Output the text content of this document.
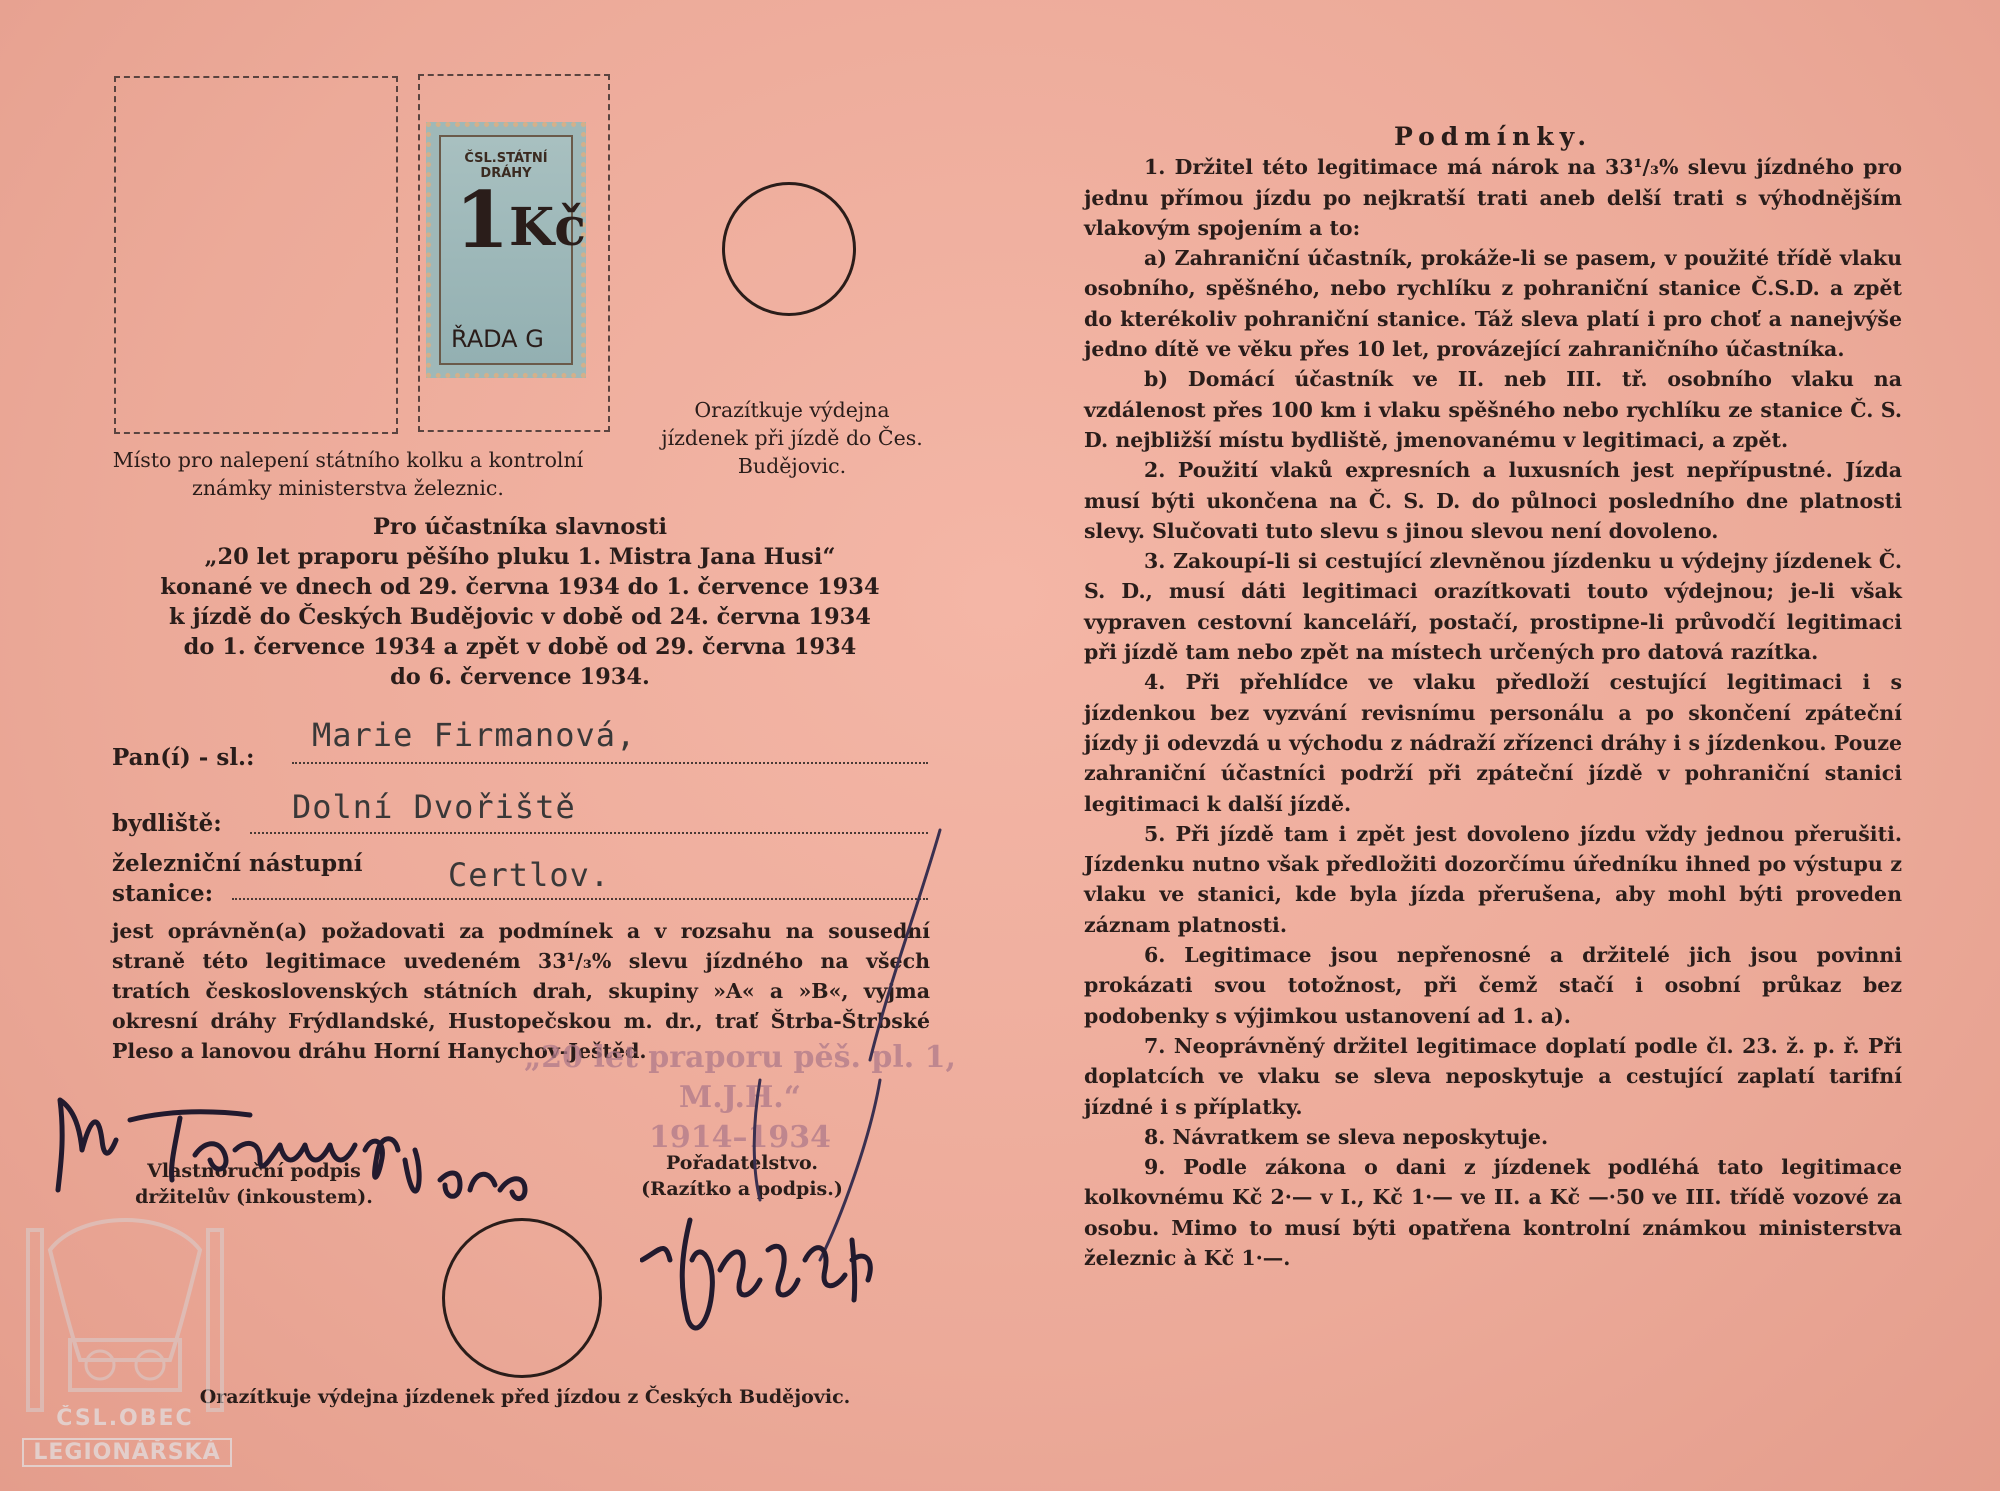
ČSL.STÁTNÍ DRÁHY
1 Kč
ŘADA G
Místo pro nalepení státního kolku a kontrolní známky ministerstva železnic.
Orazítkuje výdejna jízdenek při jízdě do Čes. Budějovic.
Pro účastníka slavnosti
„20 let praporu pěšího pluku 1. Mistra Jana Husi“
konané ve dnech od 29. června 1934 do 1. července 1934
k jízdě do Českých Budějovic v době od 24. června 1934
do 1. července 1934 a zpět v době od 29. června 1934
do 6. července 1934.
Pan(í) - sl.:
Marie Firmanová,
bydliště: Dolní Dvořiště
železniční nástupní
stanice:	Certlov.
jest oprávněn(a) požadovati za podmínek a v rozsahu na sousední straně této legitimace uvedeném 33¹/₃% slevu jízdného na všech tratích československých státních drah, skupiny »A« a »B«, vyjma okresní dráhy Frýdlandské, Hustopečskou m. dr., trať Štrba-Štrbské Pleso a lanovou dráhu Horní Hanychov-Ještěd.
„20 let praporu pěš. pl. 1, M.J.H.“
1914–1934
Vlastnoruční podpis držitelův (inkoustem).
Pořadatelstvo. (Razítko a podpis.)
Orazítkuje výdejna jízdenek před jízdou z Českých Budějovic.
ČSL.OBEC
LEGIONÁŘSKÁ
Podmínky.

1. Držitel této legitimace má nárok na 33¹/₃% slevu jízdného pro jednu přímou jízdu po nejkratší trati aneb delší trati s výhodnějším vlakovým spojením a to:

a) Zahraniční účastník, prokáže-li se pasem, v použité třídě vlaku osobního, spěšného, nebo rychlíku z pohraniční stanice Č.S.D. a zpět do kterékoliv pohraniční stanice. Táž sleva platí i pro choť a nanejvýše jedno dítě ve věku přes 10 let, provázející zahraničního účastníka.

b) Domácí účastník ve II. neb III. tř. osobního vlaku na vzdálenost přes 100 km i vlaku spěšného nebo rychlíku ze stanice Č. S. D. nejbližší místu bydliště, jmenovanému v legitimaci, a zpět.

2. Použití vlaků expresních a luxusních jest nepřípustné. Jízda musí býti ukončena na Č. S. D. do půlnoci posledního dne platnosti slevy. Slučovati tuto slevu s jinou slevou není dovoleno.

3. Zakoupí-li si cestující zlevněnou jízdenku u výdejny jízdenek Č. S. D., musí dáti legitimaci orazítkovati touto výdejnou; je-li však vypraven cestovní kanceláří, postačí, prostipne-li průvodčí legitimaci při jízdě tam nebo zpět na místech určených pro datová razítka.

4. Při přehlídce ve vlaku předloží cestující legitimaci i s jízdenkou bez vyzvání revisnímu personálu a po skončení zpáteční jízdy ji odevzdá u východu z nádraží zřízenci dráhy i s jízdenkou. Pouze zahraniční účastníci podrží při zpáteční jízdě v pohraniční stanici legitimaci k další jízdě.

5. Při jízdě tam i zpět jest dovoleno jízdu vždy jednou přerušiti. Jízdenku nutno však předložiti dozorčímu úředníku ihned po výstupu z vlaku ve stanici, kde byla jízda přerušena, aby mohl býti proveden záznam platnosti.

6. Legitimace jsou nepřenosné a držitelé jich jsou povinni prokázati svou totožnost, při čemž stačí i osobní průkaz bez podobenky s výjimkou ustanovení ad 1. a).

7. Neoprávněný držitel legitimace doplatí podle čl. 23. ž. p. ř. Při doplatcích ve vlaku se sleva neposkytuje a cestující zaplatí tarifní jízdné i s příplatky.

8. Návratkem se sleva neposkytuje.

9. Podle zákona o dani z jízdenek podléhá tato legitimace kolkovnému Kč 2·— v I., Kč 1·— ve II. a Kč —·50 ve III. třídě vozové za osobu. Mimo to musí býti opatřena kontrolní známkou ministerstva železnic à Kč 1·—.
